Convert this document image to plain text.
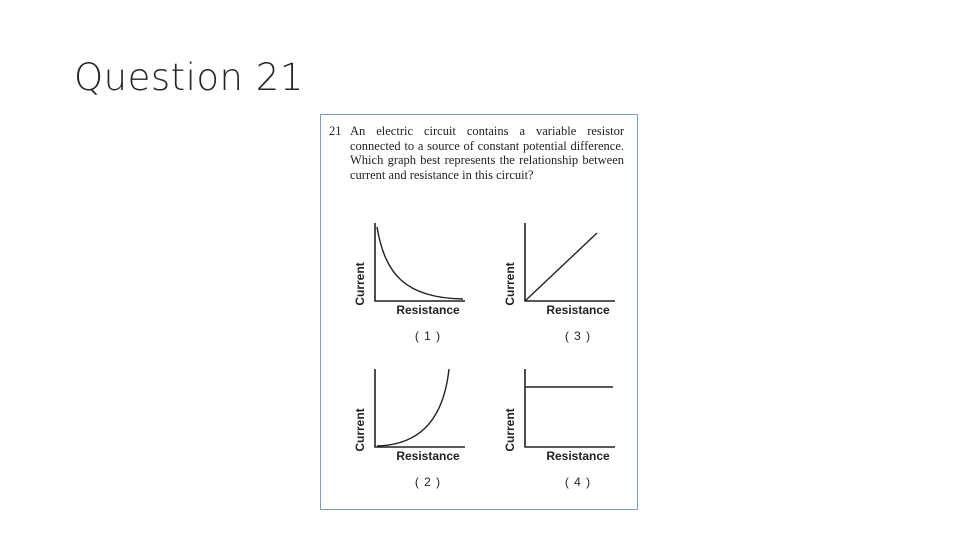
Question 21
21 An electric circuit contains a variable resistor connected to a source of constant potential difference. Which graph best represents the relationship between current and resistance in this circuit?

Current
Resistance
( 1 )
Current
Resistance
( 3 )
Current
Resistance
( 2 )
Current
Resistance
( 4 )
